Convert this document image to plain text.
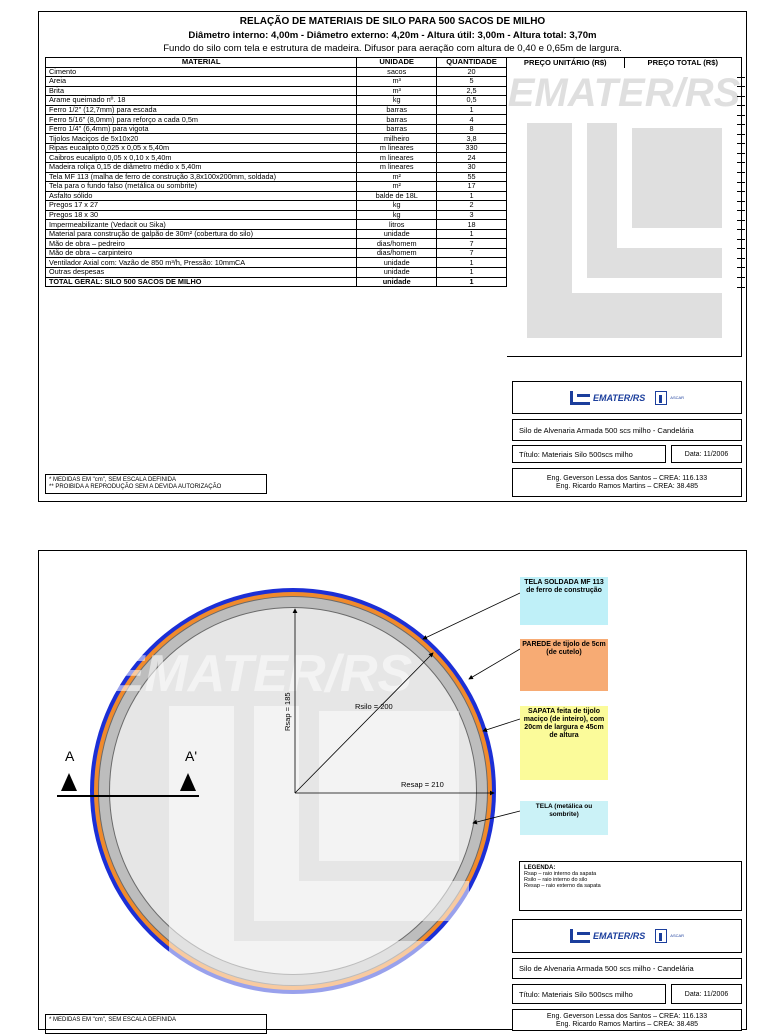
RELAÇÃO DE MATERIAIS DE SILO PARA 500 SACOS DE MILHO
Diâmetro interno: 4,00m - Diâmetro externo: 4,20m - Altura útil: 3,00m - Altura total: 3,70m
Fundo do silo com tela e estrutura de madeira. Difusor para aeração com altura de 0,40 e 0,65m de largura.
MATERIAL	UNIDADE	QUANTIDADE
Cimento	sacos	20
Areia	m³	5
Brita	m³	2,5
Arame queimado nº. 18	kg	0,5
Ferro 1/2" (12,7mm) para escada	barras	1
Ferro 5/16" (8,0mm) para reforço a cada 0,5m	barras	4
Ferro 1/4" (6,4mm) para vigota	barras	8
Tijolos Maciços de 5x10x20	milheiro	3,8
Ripas eucalipto 0,025 x 0,05 x 5,40m	m lineares	330
Caibros eucalipto 0,05 x 0,10 x 5,40m	m lineares	24
Madeira roliça 0,15 de diâmetro médio x 5,40m	m lineares	30
Tela MF 113 (malha de ferro de construção 3,8x100x200mm, soldada)	m²	55
Tela para o fundo falso (metálica ou sombrite)	m²	17
Asfalto sólido	balde de 18L	1
Pregos 17 x 27	kg	2
Pregos 18 x 30	kg	3
Impermeabilizante (Vedacit ou Sika)	litros	18
Material para construção de galpão de 30m² (cobertura do silo)	unidade	1
Mão de obra – pedreiro	dias/homem	7
Mão de obra – carpinteiro	dias/homem	7
Ventilador Axial com: Vazão de 850 m³/h, Pressão: 10mmCA	unidade	1
Outras despesas	unidade	1
TOTAL GERAL: SILO 500 SACOS DE MILHO	unidade	1
PREÇO UNITÁRIO (R$)	PREÇO TOTAL (R$)
EMATER/RS
* MEDIDAS EM "cm", SEM ESCALA DEFINIDA
** PROIBIDA A REPRODUÇÃO SEM A DEVIDA AUTORIZAÇÃO
EMATER/RS	ASCAR
Silo de Alvenaria Armada 500 scs milho - Candelária
Título: Materiais Silo 500scs milho	Data: 11/2006
Eng. Geverson Lessa dos Santos – CREA: 116.133
Eng. Ricardo Ramos Martins – CREA: 38.485
EMATER/RS
A	A'
Rsap = 185	Rsilo = 200
Resap = 210
TELA SOLDADA MF 113 de ferro de construção
PAREDE de tijolo de 5cm (de cutelo)
SAPATA feita de tijolo maciço (de inteiro), com 20cm de largura e 45cm de altura
TELA (metálica ou sombrite)
LEGENDA:
Rsap – raio interno da sapata
Rsilo – raio interno do silo
Resap – raio externo da sapata
EMATER/RS	ASCAR
Silo de Alvenaria Armada 500 scs milho - Candelária
Título: Materiais Silo 500scs milho	Data: 11/2006
Eng. Geverson Lessa dos Santos – CREA: 116.133
Eng. Ricardo Ramos Martins – CREA: 38.485
* MEDIDAS EM "cm", SEM ESCALA DEFINIDA
